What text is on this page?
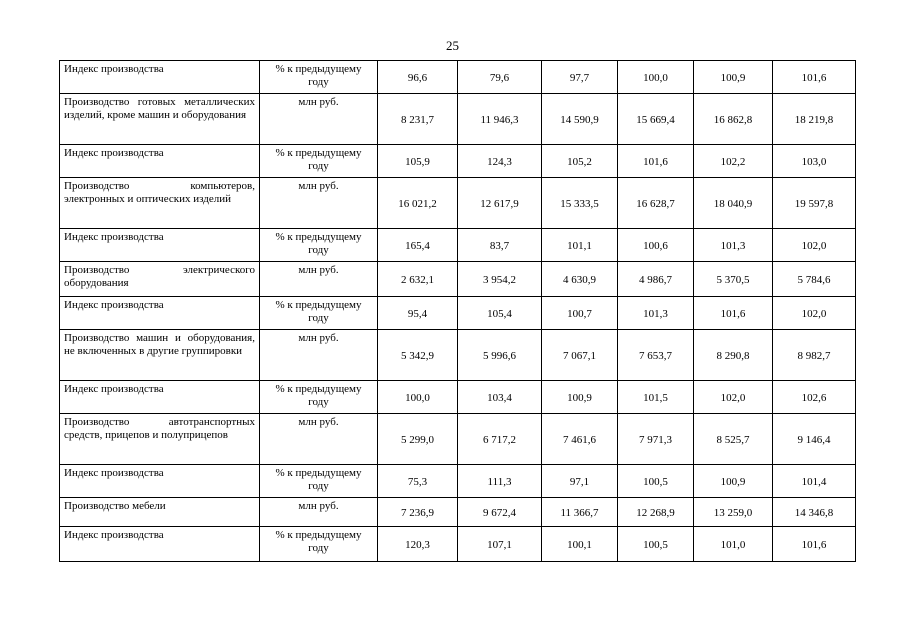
25
Индекс производства	% к предыдущему году	96,6	79,6	97,7	100,0	100,9	101,6
Производство готовых металлических изделий, кроме машин и оборудования	млн руб.	8 231,7	11 946,3	14 590,9	15 669,4	16 862,8	18 219,8
Индекс производства	% к предыдущему году	105,9	124,3	105,2	101,6	102,2	103,0
Производство компьютеров, электронных и оптических изделий	млн руб.	16 021,2	12 617,9	15 333,5	16 628,7	18 040,9	19 597,8
Индекс производства	% к предыдущему году	165,4	83,7	101,1	100,6	101,3	102,0
Производство электрического оборудования	млн руб.	2 632,1	3 954,2	4 630,9	4 986,7	5 370,5	5 784,6
Индекс производства	% к предыдущему году	95,4	105,4	100,7	101,3	101,6	102,0
Производство машин и оборудования, не включенных в другие группировки	млн руб.	5 342,9	5 996,6	7 067,1	7 653,7	8 290,8	8 982,7
Индекс производства	% к предыдущему году	100,0	103,4	100,9	101,5	102,0	102,6
Производство автотранспортных средств, прицепов и полуприцепов	млн руб.	5 299,0	6 717,2	7 461,6	7 971,3	8 525,7	9 146,4
Индекс производства	% к предыдущему году	75,3	111,3	97,1	100,5	100,9	101,4
Производство мебели	млн руб.	7 236,9	9 672,4	11 366,7	12 268,9	13 259,0	14 346,8
Индекс производства	% к предыдущему году	120,3	107,1	100,1	100,5	101,0	101,6
